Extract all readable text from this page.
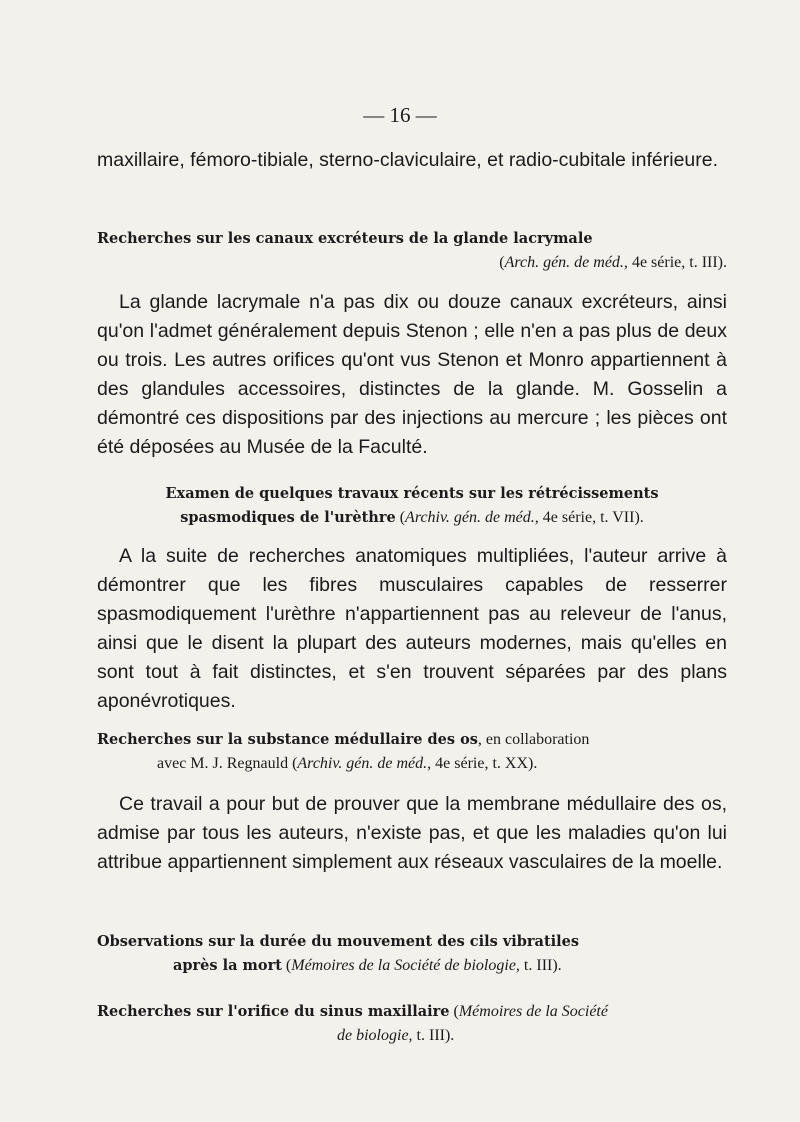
— 16 —

maxillaire, fémoro-tibiale, sterno-claviculaire, et radio-cubitale inférieure.

Recherches sur les canaux excréteurs de la glande lacrymale
(Arch. gén. de méd., 4e série, t. III).

La glande lacrymale n'a pas dix ou douze canaux excréteurs, ainsi qu'on l'admet généralement depuis Stenon ; elle n'en a pas plus de deux ou trois. Les autres orifices qu'ont vus Stenon et Monro appartiennent à des glandules accessoires, distinctes de la glande. M. Gosselin a démontré ces dispositions par des injections au mercure ; les pièces ont été déposées au Musée de la Faculté.

Examen de quelques travaux récents sur les rétrécissements
spasmodiques de l'urèthre (Archiv. gén. de méd., 4e série, t. VII).

A la suite de recherches anatomiques multipliées, l'auteur arrive à démontrer que les fibres musculaires capables de resserrer spasmodiquement l'urèthre n'appartiennent pas au releveur de l'anus, ainsi que le disent la plupart des auteurs modernes, mais qu'elles en sont tout à fait distinctes, et s'en trouvent séparées par des plans aponévrotiques.

Recherches sur la substance médullaire des os, en collaboration
avec M. J. Regnauld (Archiv. gén. de méd., 4e série, t. XX).

Ce travail a pour but de prouver que la membrane médullaire des os, admise par tous les auteurs, n'existe pas, et que les maladies qu'on lui attribue appartiennent simplement aux réseaux vasculaires de la moelle.

Observations sur la durée du mouvement des cils vibratiles
après la mort (Mémoires de la Société de biologie, t. III).
Recherches sur l'orifice du sinus maxillaire (Mémoires de la Société
de biologie, t. III).
